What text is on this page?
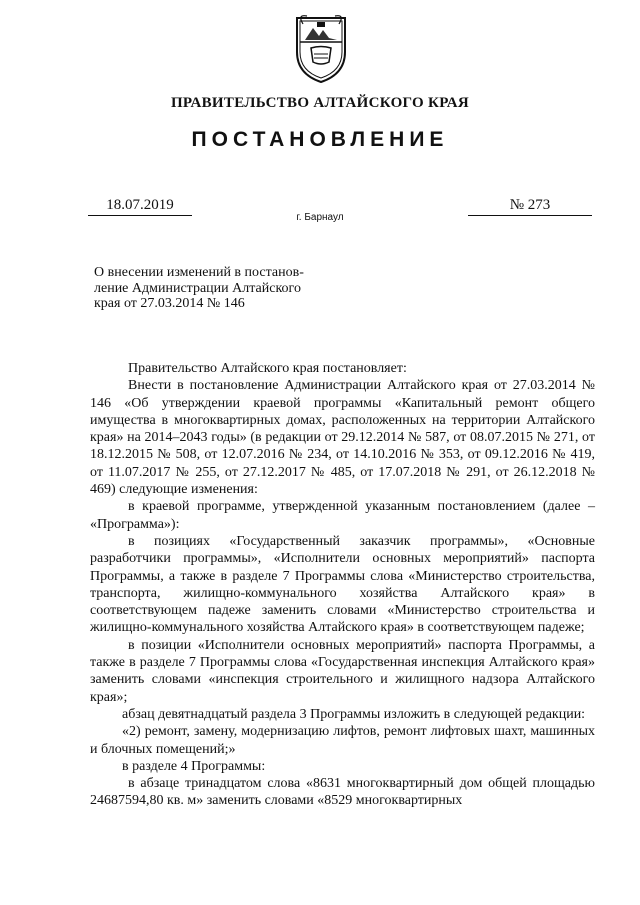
ПРАВИТЕЛЬСТВО АЛТАЙСКОГО КРАЯ
ПОСТАНОВЛЕНИЕ
18.07.2019	№ 273
г. Барнаул
О внесении изменений в постанов-
ление Администрации Алтайского
края от 27.03.2014 № 146

Правительство Алтайского края постановляет:

Внести в постановление Администрации Алтайского края от 27.03.2014 № 146 «Об утверждении краевой программы «Капитальный ремонт общего имущества в многоквартирных домах, расположенных на территории Алтайского края» на 2014–2043 годы» (в редакции от 29.12.2014 № 587, от 08.07.2015 № 271, от 18.12.2015 № 508, от 12.07.2016 № 234, от 14.10.2016 № 353, от 09.12.2016 № 419, от 11.07.2017 № 255, от 27.12.2017 № 485, от 17.07.2018 № 291, от 26.12.2018 № 469) следующие изменения:

в краевой программе, утвержденной указанным постановлением (далее – «Программа»):

в позициях «Государственный заказчик программы», «Основные разработчики программы», «Исполнители основных мероприятий» паспорта Программы, а также в разделе 7 Программы слова «Министерство строительства, транспорта, жилищно-коммунального хозяйства Алтайского края» в соответствующем падеже заменить словами «Министерство строительства и жилищно-коммунального хозяйства Алтайского края» в соответствующем падеже;

в позиции «Исполнители основных мероприятий» паспорта Программы, а также в разделе 7 Программы слова «Государственная инспекция Алтайского края» заменить словами «инспекция строительного и жилищного надзора Алтайского края»;

абзац девятнадцатый раздела 3 Программы изложить в следующей редакции:

«2) ремонт, замену, модернизацию лифтов, ремонт лифтовых шахт, машинных и блочных помещений;»

в разделе 4 Программы:

в абзаце тринадцатом слова «8631 многоквартирный дом общей площадью 24687594,80 кв. м» заменить словами «8529 многоквартирных
